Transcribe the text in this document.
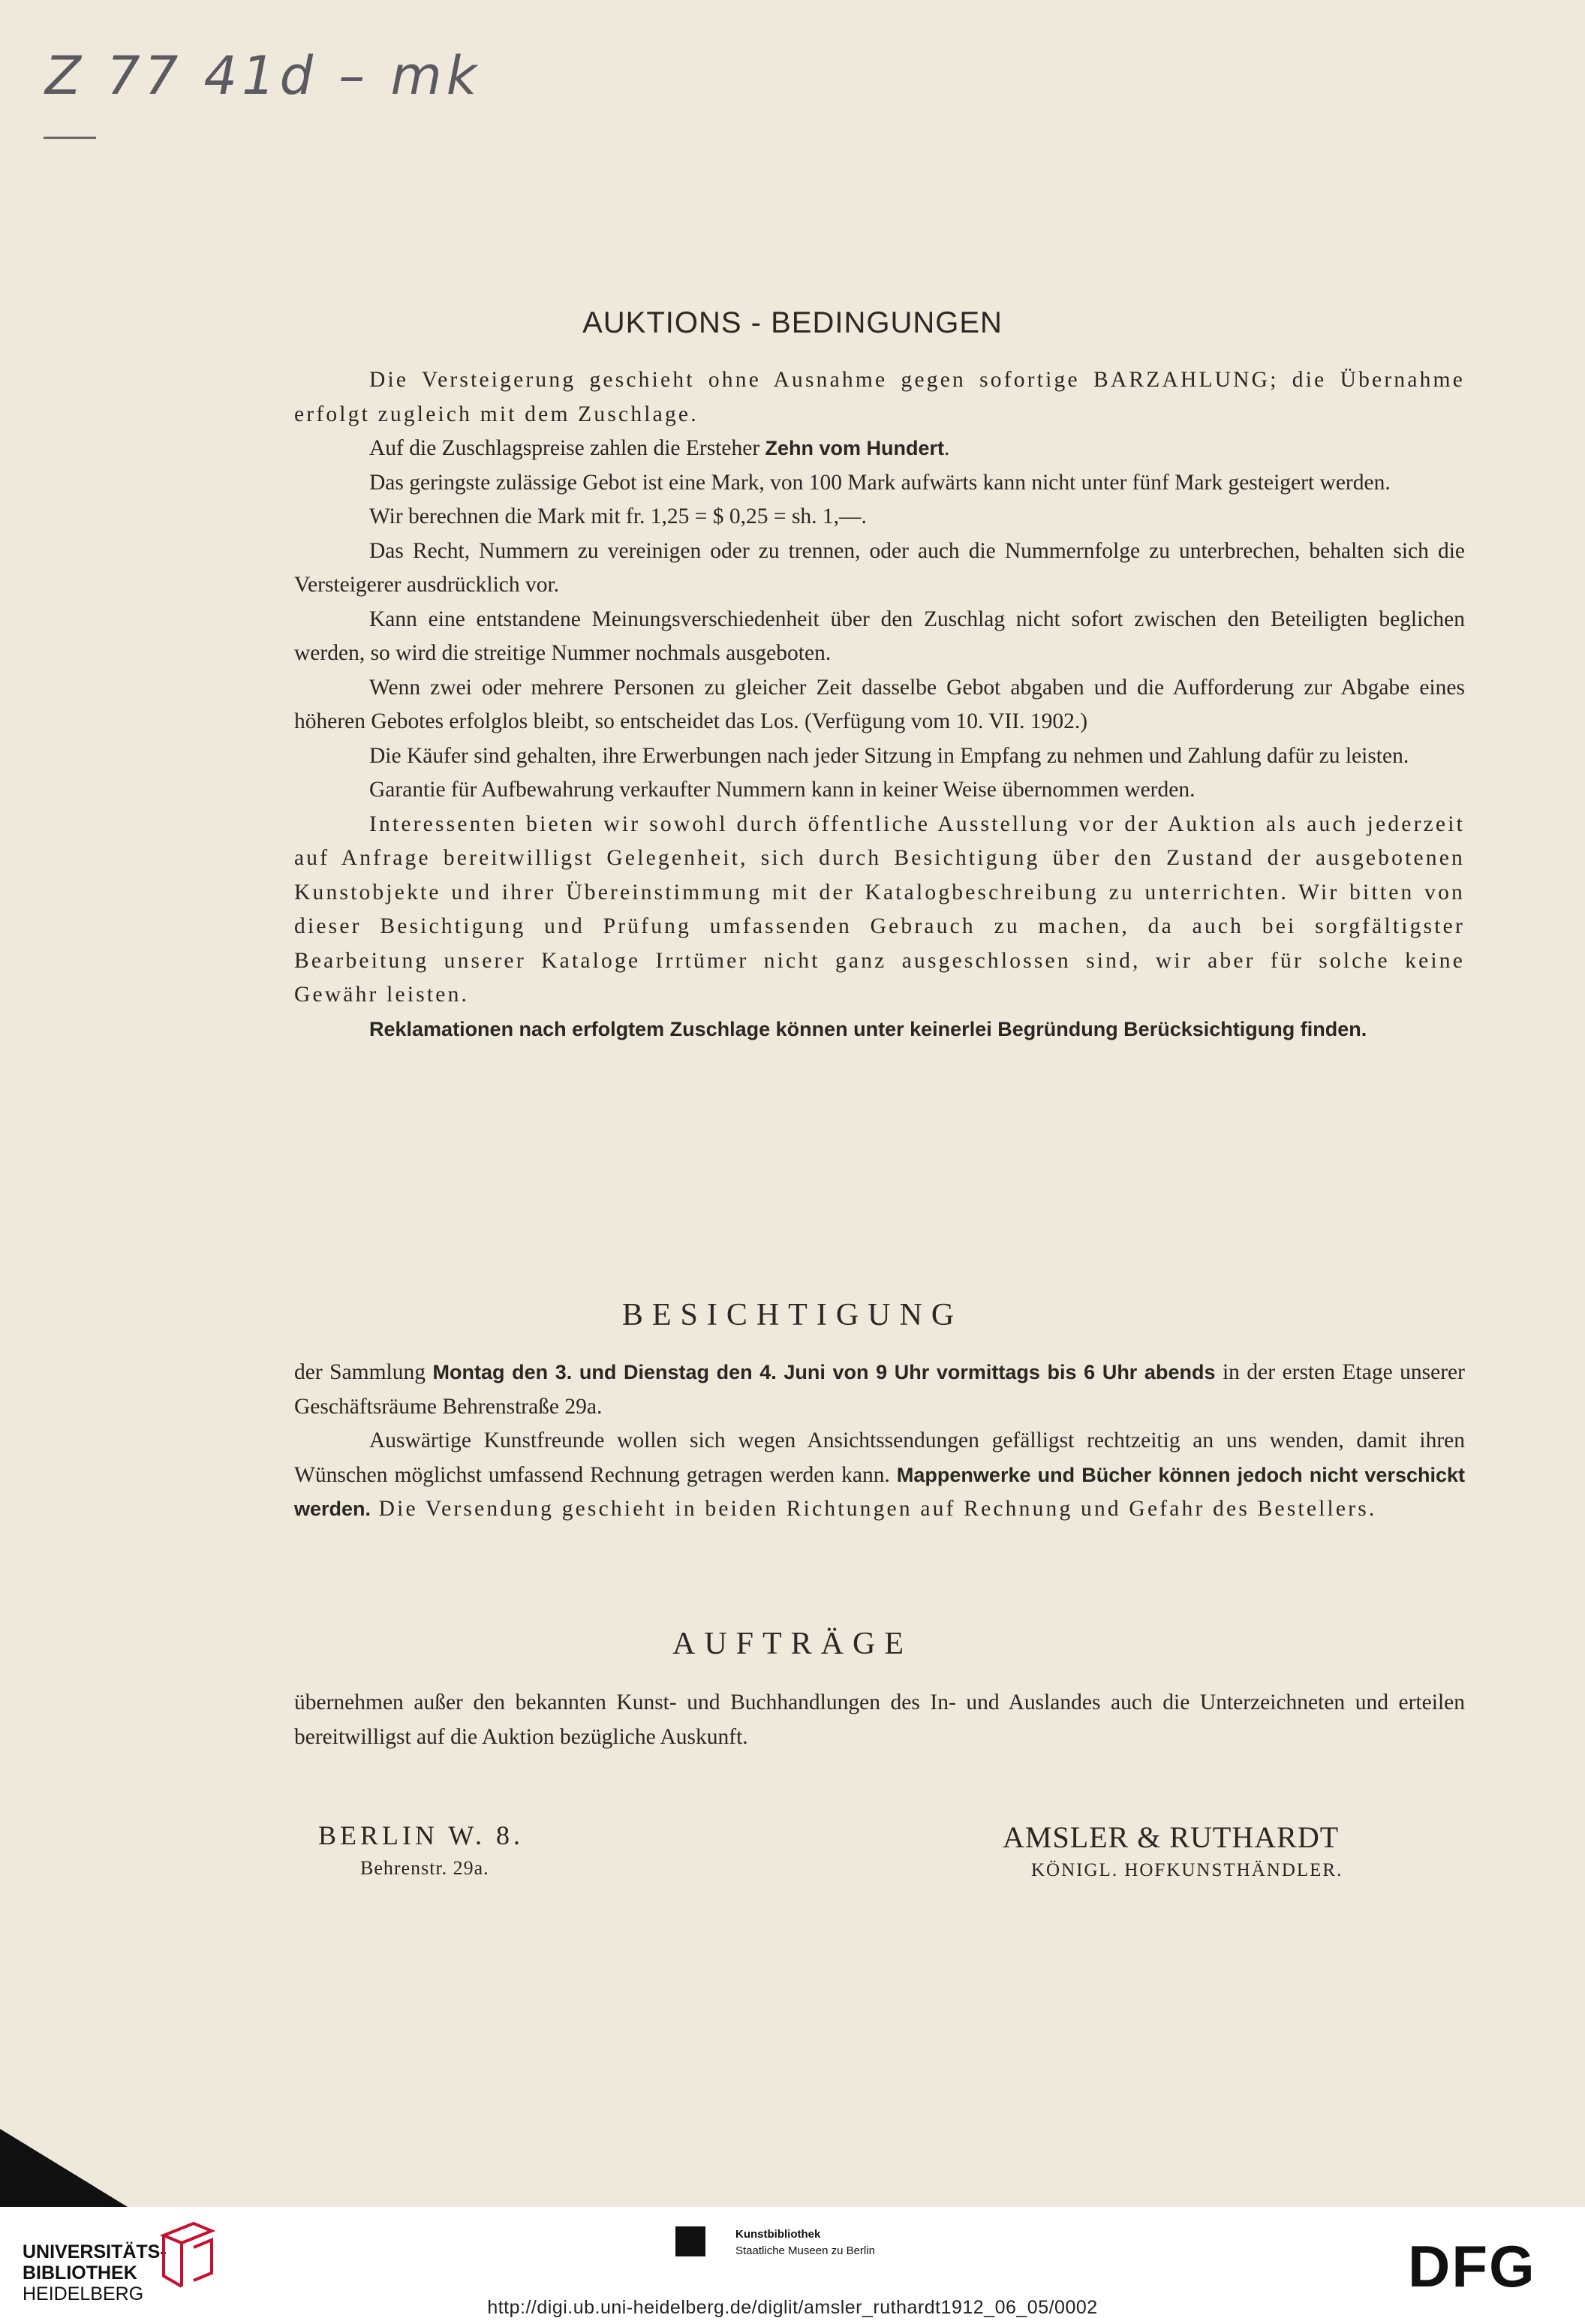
Z 77 41d – mk
AUKTIONS - BEDINGUNGEN

Die Versteigerung geschieht ohne Ausnahme gegen sofortige BARZAHLUNG; die Übernahme erfolgt zugleich mit dem Zuschlage.

Auf die Zuschlagspreise zahlen die Ersteher Zehn vom Hundert.

Das geringste zulässige Gebot ist eine Mark, von 100 Mark aufwärts kann nicht unter fünf Mark gesteigert werden.

Wir berechnen die Mark mit fr. 1,25 = $ 0,25 = sh. 1,—.

Das Recht, Nummern zu vereinigen oder zu trennen, oder auch die Nummernfolge zu unterbrechen, behalten sich die Versteigerer ausdrücklich vor.

Kann eine entstandene Meinungsverschiedenheit über den Zuschlag nicht sofort zwischen den Beteiligten beglichen werden, so wird die streitige Nummer nochmals ausgeboten.

Wenn zwei oder mehrere Personen zu gleicher Zeit dasselbe Gebot abgaben und die Aufforderung zur Abgabe eines höheren Gebotes erfolglos bleibt, so entscheidet das Los. (Verfügung vom 10. VII. 1902.)

Die Käufer sind gehalten, ihre Erwerbungen nach jeder Sitzung in Empfang zu nehmen und Zahlung dafür zu leisten.

Garantie für Aufbewahrung verkaufter Nummern kann in keiner Weise übernommen werden.

Interessenten bieten wir sowohl durch öffentliche Ausstellung vor der Auktion als auch jederzeit auf Anfrage bereitwilligst Gelegenheit, sich durch Besichtigung über den Zustand der ausgebotenen Kunstobjekte und ihrer Übereinstimmung mit der Katalogbeschreibung zu unterrichten. Wir bitten von dieser Besichtigung und Prüfung umfassenden Gebrauch zu machen, da auch bei sorgfältigster Bearbeitung unserer Kataloge Irrtümer nicht ganz ausgeschlossen sind, wir aber für solche keine Gewähr leisten.

Reklamationen nach erfolgtem Zuschlage können unter keinerlei Begründung Berücksichtigung finden.

BESICHTIGUNG

der Sammlung Montag den 3. und Dienstag den 4. Juni von 9 Uhr vormittags bis 6 Uhr abends in der ersten Etage unserer Geschäftsräume Behrenstraße 29a.

Auswärtige Kunstfreunde wollen sich wegen Ansichtssendungen gefälligst rechtzeitig an uns wenden, damit ihren Wünschen möglichst umfassend Rechnung getragen werden kann. Mappenwerke und Bücher können jedoch nicht verschickt werden. Die Versendung geschieht in beiden Richtungen auf Rechnung und Gefahr des Bestellers.

AUFTRÄGE

übernehmen außer den bekannten Kunst- und Buchhandlungen des In- und Auslandes auch die Unterzeichneten und erteilen bereitwilligst auf die Auktion bezügliche Auskunft.

BERLIN W. 8.
Behrenstr. 29a.
AMSLER & RUTHARDT
KÖNIGL. HOFKUNSTHÄNDLER.
UNIVERSITÄTS-
BIBLIOTHEK
HEIDELBERG
Kunstbibliothek
Staatliche Museen zu Berlin	DFG
http://digi.ub.uni-heidelberg.de/diglit/amsler_ruthardt1912_06_05/0002
